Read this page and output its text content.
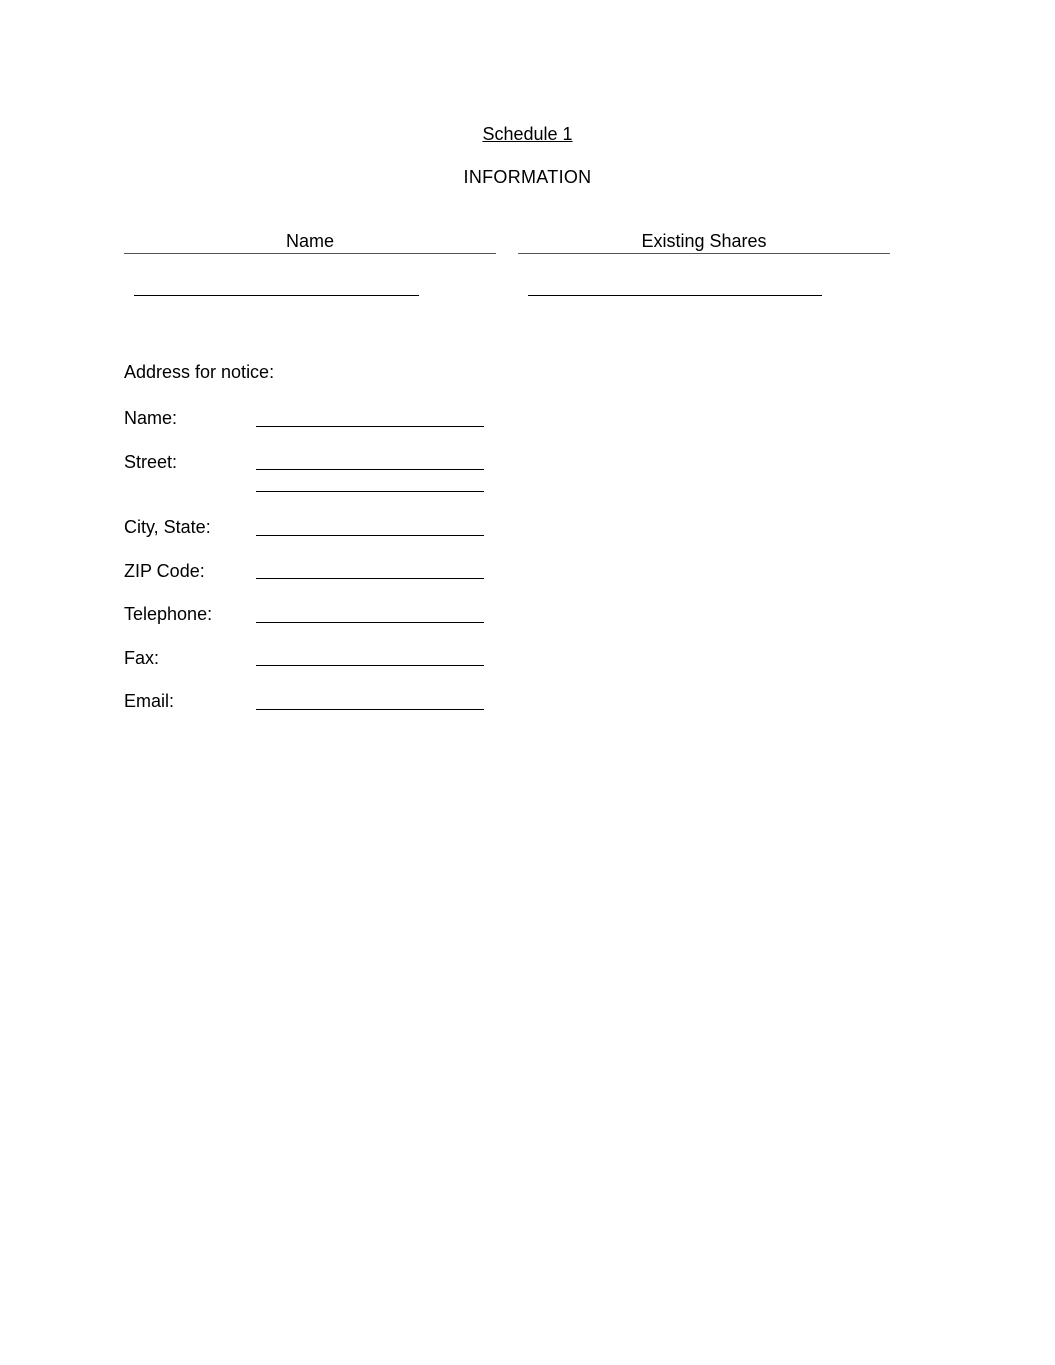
Schedule 1
INFORMATION
Name	Existing Shares
Address for notice:
Name:
Street:
City, State:
ZIP Code:
Telephone:
Fax:
Email:
